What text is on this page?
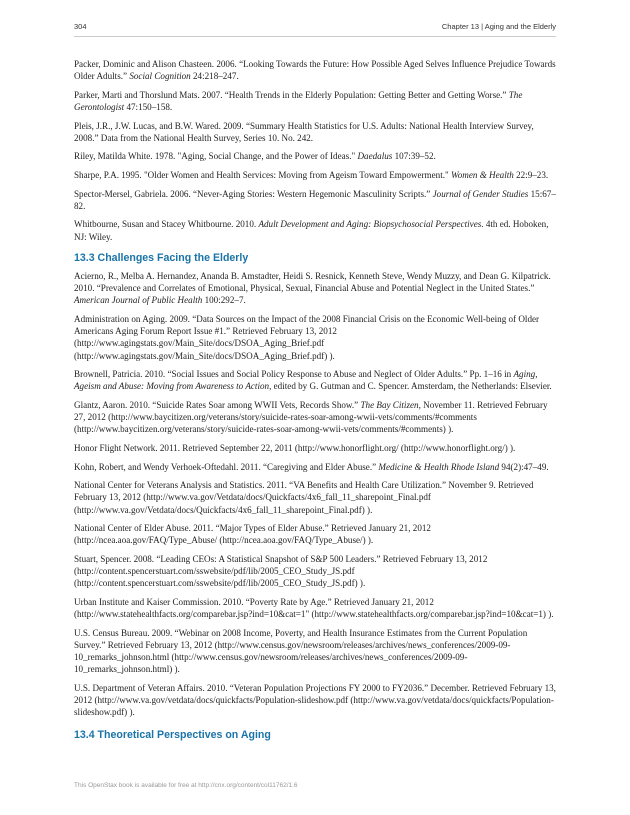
304	Chapter 13 | Aging and the Elderly

Packer, Dominic and Alison Chasteen. 2006. “Looking Towards the Future: How Possible Aged Selves Influence Prejudice Towards Older Adults.” Social Cognition 24:218–247.

Parker, Marti and Thorslund Mats. 2007. “Health Trends in the Elderly Population: Getting Better and Getting Worse.” The Gerontologist 47:150–158.

Pleis, J.R., J.W. Lucas, and B.W. Wared. 2009. “Summary Health Statistics for U.S. Adults: National Health Interview Survey, 2008.” Data from the National Health Survey, Series 10. No. 242.

Riley, Matilda White. 1978. "Aging, Social Change, and the Power of Ideas." Daedalus 107:39–52.

Sharpe, P.A. 1995. "Older Women and Health Services: Moving from Ageism Toward Empowerment." Women & Health 22:9–23.

Spector-Mersel, Gabriela. 2006. “Never-Aging Stories: Western Hegemonic Masculinity Scripts.” Journal of Gender Studies 15:67–82.

Whitbourne, Susan and Stacey Whitbourne. 2010. Adult Development and Aging: Biopsychosocial Perspectives. 4th ed. Hoboken, NJ: Wiley.

13.3 Challenges Facing the Elderly

Acierno, R., Melba A. Hernandez, Ananda B. Amstadter, Heidi S. Resnick, Kenneth Steve, Wendy Muzzy, and Dean G. Kilpatrick. 2010. “Prevalence and Correlates of Emotional, Physical, Sexual, Financial Abuse and Potential Neglect in the United States.” American Journal of Public Health 100:292–7.

Administration on Aging. 2009. “Data Sources on the Impact of the 2008 Financial Crisis on the Economic Well-being of Older Americans Aging Forum Report Issue #1.” Retrieved February 13, 2012 (http://www.agingstats.gov/Main_Site/docs/DSOA_Aging_Brief.pdf (http://www.agingstats.gov/Main_Site/docs/DSOA_Aging_Brief.pdf) ).

Brownell, Patricia. 2010. “Social Issues and Social Policy Response to Abuse and Neglect of Older Adults.” Pp. 1–16 in Aging, Ageism and Abuse: Moving from Awareness to Action, edited by G. Gutman and C. Spencer. Amsterdam, the Netherlands: Elsevier.

Glantz, Aaron. 2010. “Suicide Rates Soar among WWII Vets, Records Show.” The Bay Citizen, November 11. Retrieved February 27, 2012 (http://www.baycitizen.org/veterans/story/suicide-rates-soar-among-wwii-vets/comments/#comments (http://www.baycitizen.org/veterans/story/suicide-rates-soar-among-wwii-vets/comments/#comments) ).

Honor Flight Network. 2011. Retrieved September 22, 2011 (http://www.honorflight.org/ (http://www.honorflight.org/) ).

Kohn, Robert, and Wendy Verhoek-Oftedahl. 2011. “Caregiving and Elder Abuse.” Medicine & Health Rhode Island 94(2):47–49.

National Center for Veterans Analysis and Statistics. 2011. “VA Benefits and Health Care Utilization.” November 9. Retrieved February 13, 2012 (http://www.va.gov/Vetdata/docs/Quickfacts/4x6_fall_11_sharepoint_Final.pdf (http://www.va.gov/Vetdata/docs/Quickfacts/4x6_fall_11_sharepoint_Final.pdf) ).

National Center of Elder Abuse. 2011. “Major Types of Elder Abuse.” Retrieved January 21, 2012 (http://ncea.aoa.gov/FAQ/Type_Abuse/ (http://ncea.aoa.gov/FAQ/Type_Abuse/) ).

Stuart, Spencer. 2008. “Leading CEOs: A Statistical Snapshot of S&P 500 Leaders.” Retrieved February 13, 2012 (http://content.spencerstuart.com/sswebsite/pdf/lib/2005_CEO_Study_JS.pdf (http://content.spencerstuart.com/sswebsite/pdf/lib/2005_CEO_Study_JS.pdf) ).

Urban Institute and Kaiser Commission. 2010. “Poverty Rate by Age.” Retrieved January 21, 2012 (http://www.statehealthfacts.org/comparebar.jsp?ind=10&cat=1" (http://www.statehealthfacts.org/comparebar.jsp?ind=10&cat=1) ).

U.S. Census Bureau. 2009. “Webinar on 2008 Income, Poverty, and Health Insurance Estimates from the Current Population Survey.” Retrieved February 13, 2012 (http://www.census.gov/newsroom/releases/archives/news_conferences/2009-09-10_remarks_johnson.html (http://www.census.gov/newsroom/releases/archives/news_conferences/2009-09-10_remarks_johnson.html) ).

U.S. Department of Veteran Affairs. 2010. “Veteran Population Projections FY 2000 to FY2036.” December. Retrieved February 13, 2012 (http://www.va.gov/vetdata/docs/quickfacts/Population-slideshow.pdf (http://www.va.gov/vetdata/docs/quickfacts/Population-slideshow.pdf) ).

13.4 Theoretical Perspectives on Aging
This OpenStax book is available for free at http://cnx.org/content/col11762/1.6
